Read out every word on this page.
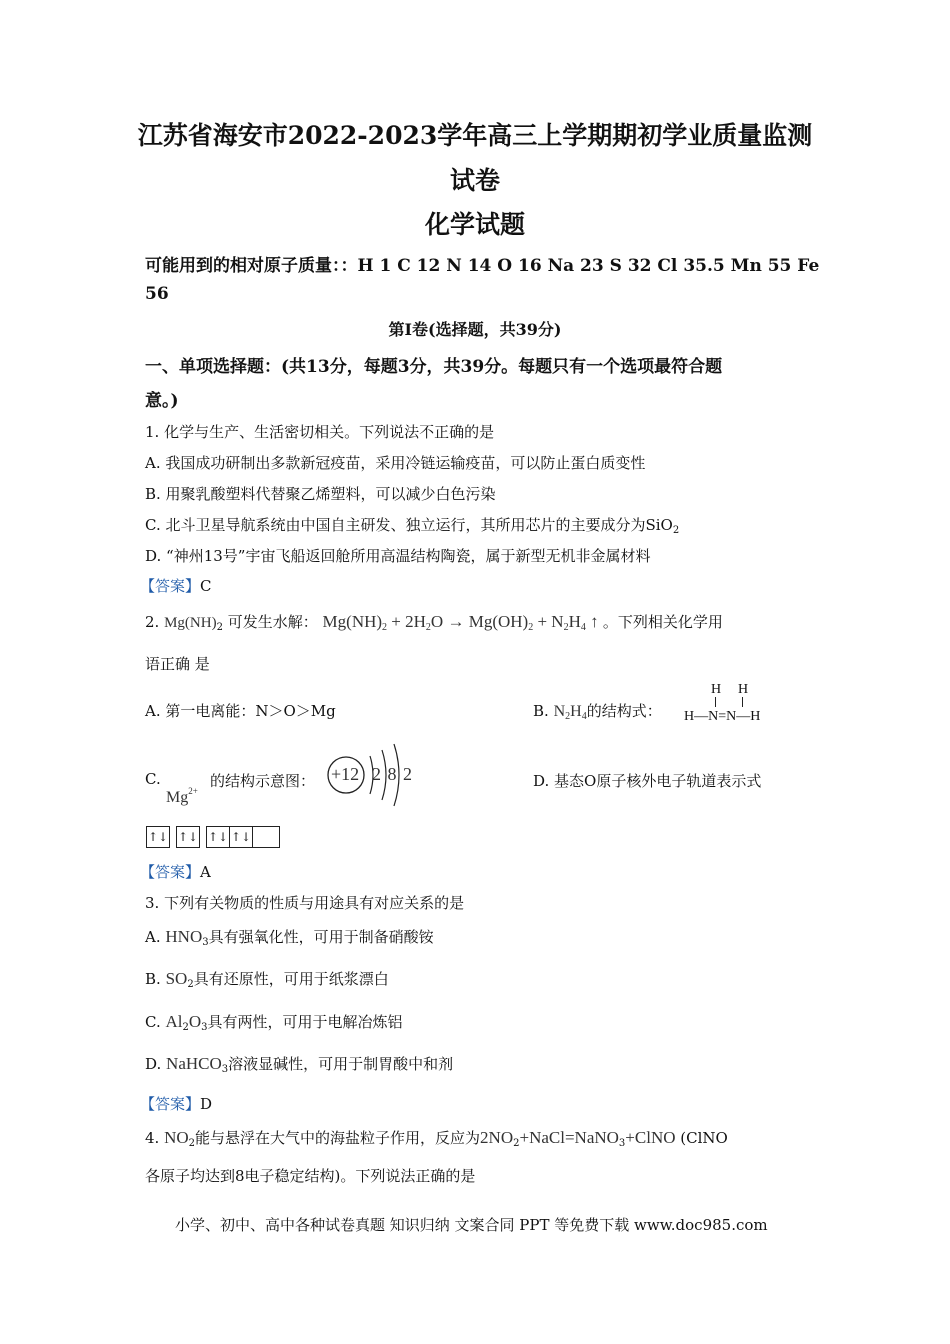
江苏省海安市2022-2023学年高三上学期期初学业质量监测
试卷
化学试题
可能用到的相对原子质量：：H 1 C 12 N 14 O 16 Na 23 S 32 Cl 35.5 Mn 55 Fe
56
第I卷(选择题，共39分)
一、单项选择题：(共13分，每题3分，共39分。每题只有一个选项最符合题
意。)
1. 化学与生产、生活密切相关。下列说法不正确的是
A. 我国成功研制出多款新冠疫苗，采用冷链运输疫苗，可以防止蛋白质变性
B. 用聚乳酸塑料代替聚乙烯塑料，可以减少白色污染
C. 北斗卫星导航系统由中国自主研发、独立运行，其所用芯片的主要成分为SiO$_2$
D. “神州13号”宇宙飞船返回舱所用高温结构陶瓷，属于新型无机非金属材料
【答案】C
2. $Mg(NH)_2$ 可发生水解： $Mg(NH)_2 + 2H_2O \to Mg(OH)_2 + N_2H_4$ ↑ 。下列相关化学用
语正确 是
A. 第一电离能：N＞O＞Mg	B. $N_2H_4$的结构式：
H H
H—N=N—H
C.
$Mg^{2+}$
的结构示意图： +12 2 8 2	D. 基态O原子核外电子轨道表示式
↑↓ ↑↓ ↑↓ ↑↓
【答案】A
3. 下列有关物质的性质与用途具有对应关系的是
A. $HNO_3$具有强氧化性，可用于制备硝酸铵
B. $SO_2$具有还原性，可用于纸浆漂白
C. $Al_2O_3$具有两性，可用于电解冶炼铝
D. NaHCO$_3$溶液显碱性，可用于制胃酸中和剂
【答案】D
4. $NO_2$能与悬浮在大气中的海盐粒子作用，反应为$2NO_2+NaCl=NaNO_3+ClNO$ (ClNO
各原子均达到8电子稳定结构)。下列说法正确的是
小学、初中、高中各种试卷真题 知识归纳 文案合同 PPT 等免费下载 www.doc985.com
